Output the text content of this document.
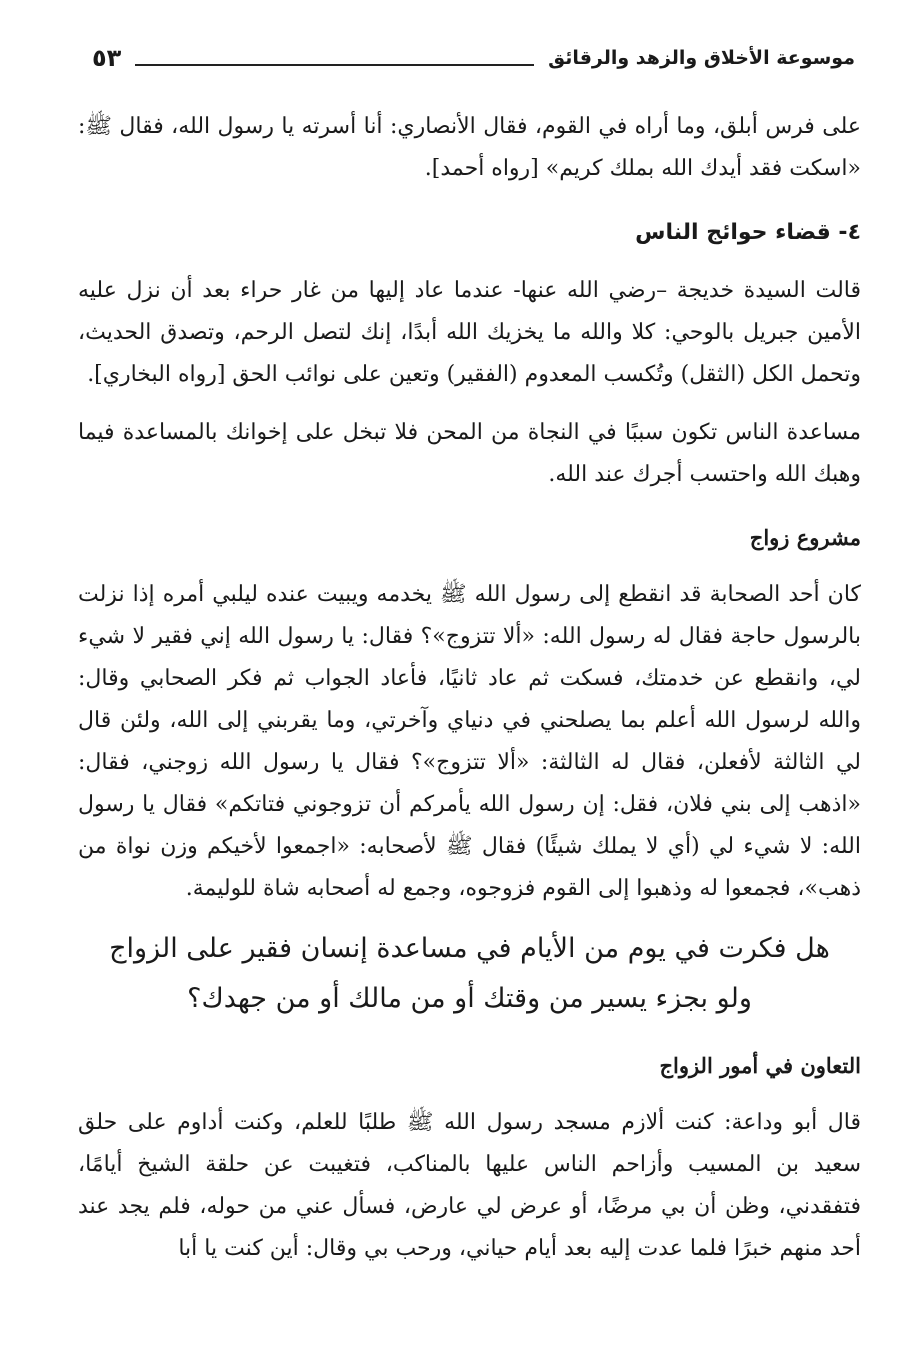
موسوعة الأخلاق والزهد والرقائق
٥٣

على فرس أبلق، وما أراه في القوم، فقال الأنصاري: أنا أسرته يا رسول الله، فقال ﷺ: «اسكت فقد أيدك الله بملك كريم» [رواه أحمد].

٤- قضاء حوائج الناس

قالت السيدة خديجة –رضي الله عنها- عندما عاد إليها من غار حراء بعد أن نزل عليه الأمين جبريل بالوحي: كلا والله ما يخزيك الله أبدًا، إنك لتصل الرحم، وتصدق الحديث، وتحمل الكل (الثقل) وتُكسب المعدوم (الفقير) وتعين على نوائب الحق [رواه البخاري].

مساعدة الناس تكون سببًا في النجاة من المحن فلا تبخل على إخوانك بالمساعدة فيما وهبك الله واحتسب أجرك عند الله.

مشروع زواج

كان أحد الصحابة قد انقطع إلى رسول الله ﷺ يخدمه ويبيت عنده ليلبي أمره إذا نزلت بالرسول حاجة فقال له رسول الله: «ألا تتزوج»؟ فقال: يا رسول الله إني فقير لا شيء لي، وانقطع عن خدمتك، فسكت ثم عاد ثانيًا، فأعاد الجواب ثم فكر الصحابي وقال: والله لرسول الله أعلم بما يصلحني في دنياي وآخرتي، وما يقربني إلى الله، ولئن قال لي الثالثة لأفعلن، فقال له الثالثة: «ألا تتزوج»؟ فقال يا رسول الله زوجني، فقال: «اذهب إلى بني فلان، فقل: إن رسول الله يأمركم أن تزوجوني فتاتكم» فقال يا رسول الله: لا شيء لي (أي لا يملك شيئًا) فقال ﷺ لأصحابه: «اجمعوا لأخيكم وزن نواة من ذهب»، فجمعوا له وذهبوا إلى القوم فزوجوه، وجمع له أصحابه شاة للوليمة.

هل فكرت في يوم من الأيام في مساعدة إنسان فقير على الزواج
ولو بجزء يسير من وقتك أو من مالك أو من جهدك؟

التعاون في أمور الزواج

قال أبو وداعة: كنت ألازم مسجد رسول الله ﷺ طلبًا للعلم، وكنت أداوم على حلق سعيد بن المسيب وأزاحم الناس عليها بالمناكب، فتغيبت عن حلقة الشيخ أيامًا، فتفقدني، وظن أن بي مرضًا، أو عرض لي عارض، فسأل عني من حوله، فلم يجد عند أحد منهم خبرًا فلما عدت إليه بعد أيام حياني، ورحب بي وقال: أين كنت يا أبا
